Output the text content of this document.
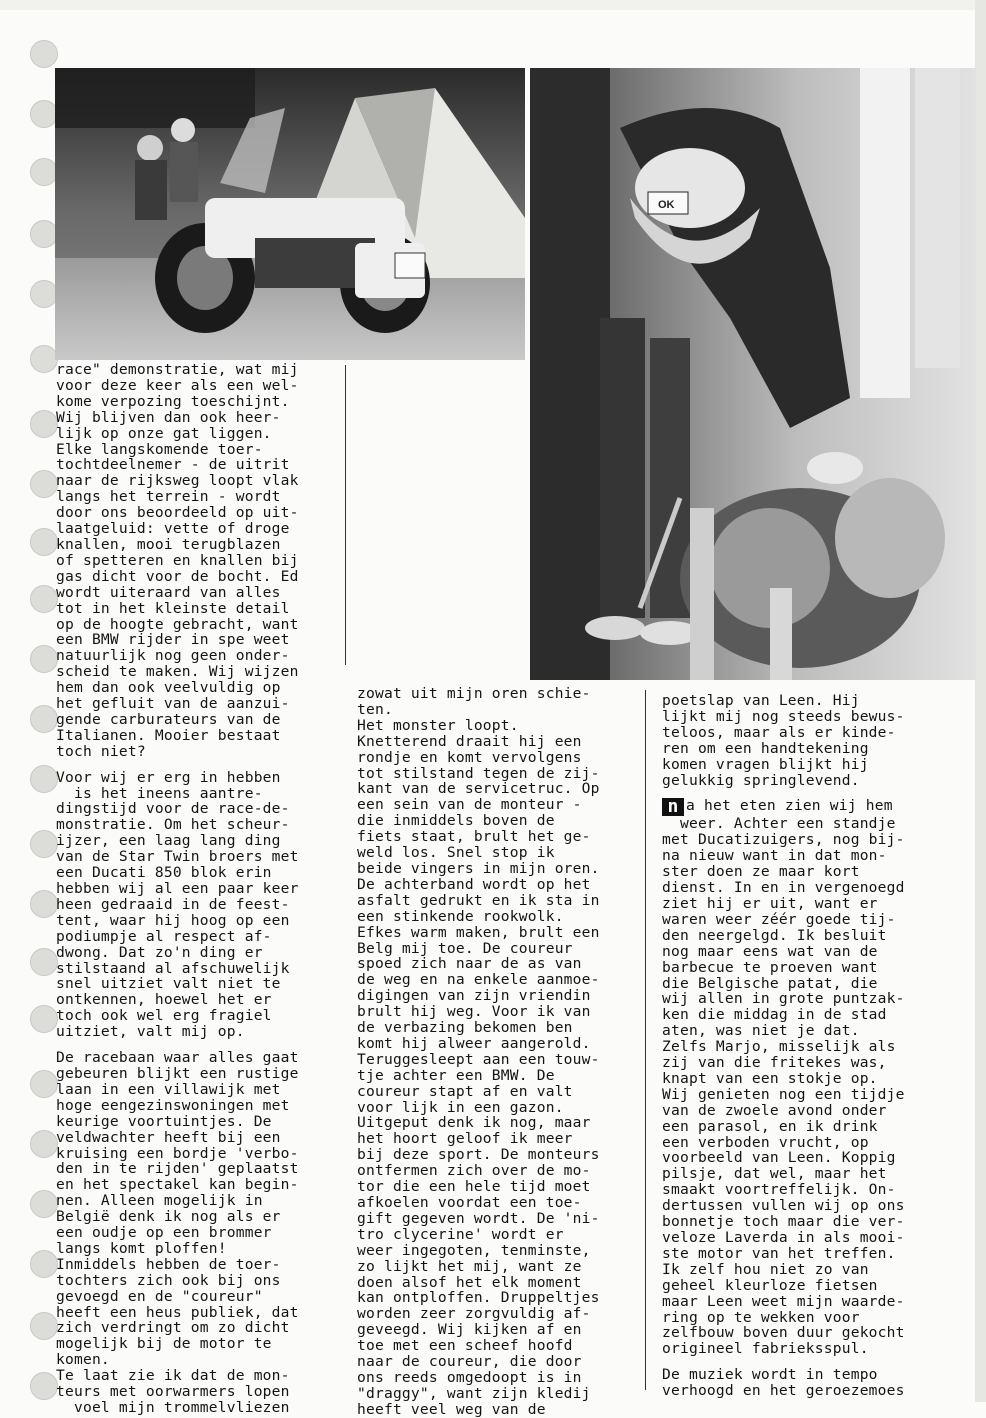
OK
race" demonstratie, wat mij
voor deze keer als een wel-
kome verpozing toeschijnt.
Wij blijven dan ook heer-
lijk op onze gat liggen.
Elke langskomende toer-
tochtdeelnemer - de uitrit
naar de rijksweg loopt vlak
langs het terrein - wordt
door ons beoordeeld op uit-
laatgeluid: vette of droge
knallen, mooi terugblazen
of spetteren en knallen bij
gas dicht voor de bocht. Ed
wordt uiteraard van alles
tot in het kleinste detail
op de hoogte gebracht, want
een BMW rijder in spe weet
natuurlijk nog geen onder-
scheid te maken. Wij wijzen
hem dan ook veelvuldig op
het gefluit van de aanzui-
gende carburateurs van de
Italianen. Mooier bestaat
toch niet?
Voor wij er erg in hebben
is het ineens aantre-
dingstijd voor de race-de-
monstratie. Om het scheur-
ijzer, een laag lang ding
van de Star Twin broers met
een Ducati 850 blok erin
hebben wij al een paar keer
heen gedraaid in de feest-
tent, waar hij hoog op een
podiumpje al respect af-
dwong. Dat zo'n ding er
stilstaand al afschuwelijk
snel uitziet valt niet te
ontkennen, hoewel het er
toch ook wel erg fragiel
uitziet, valt mij op.
De racebaan waar alles gaat
gebeuren blijkt een rustige
laan in een villawijk met
hoge eengezinswoningen met
keurige voortuintjes. De
veldwachter heeft bij een
kruising een bordje 'verbo-
den in te rijden' geplaatst
en het spectakel kan begin-
nen. Alleen mogelijk in
België denk ik nog als er
een oudje op een brommer
langs komt ploffen!
Inmiddels hebben de toer-
tochters zich ook bij ons
gevoegd en de "coureur"
heeft een heus publiek, dat
zich verdringt om zo dicht
mogelijk bij de motor te
komen.
Te laat zie ik dat de mon-
teurs met oorwarmers lopen
voel mijn trommelvliezen
zowat uit mijn oren schie-
ten.
Het monster loopt.
Knetterend draait hij een
rondje en komt vervolgens
tot stilstand tegen de zij-
kant van de servicetruc. Op
een sein van de monteur -
die inmiddels boven de
fiets staat, brult het ge-
weld los. Snel stop ik
beide vingers in mijn oren.
De achterband wordt op het
asfalt gedrukt en ik sta in
een stinkende rookwolk.
Efkes warm maken, brult een
Belg mij toe. De coureur
spoed zich naar de as van
de weg en na enkele aanmoe-
digingen van zijn vriendin
brult hij weg. Voor ik van
de verbazing bekomen ben
komt hij alweer aangerold.
Teruggesleept aan een touw-
tje achter een BMW. De
coureur stapt af en valt
voor lijk in een gazon.
Uitgeput denk ik nog, maar
het hoort geloof ik meer
bij deze sport. De monteurs
ontfermen zich over de mo-
tor die een hele tijd moet
afkoelen voordat een toe-
gift gegeven wordt. De 'ni-
tro clycerine' wordt er
weer ingegoten, tenminste,
zo lijkt het mij, want ze
doen alsof het elk moment
kan ontploffen. Druppeltjes
worden zeer zorgvuldig af-
geveegd. Wij kijken af en
toe met een scheef hoofd
naar de coureur, die door
ons reeds omgedoopt is in
"draggy", want zijn kledij
heeft veel weg van de
poetslap van Leen. Hij
lijkt mij nog steeds bewus-
teloos, maar als er kinde-
ren om een handtekening
komen vragen blijkt hij
gelukkig springlevend.
n a het eten zien wij hem
weer. Achter een standje
met Ducatizuigers, nog bij-
na nieuw want in dat mon-
ster doen ze maar kort
dienst. In en in vergenoegd
ziet hij er uit, want er
waren weer zéér goede tij-
den neergelgd. Ik besluit
nog maar eens wat van de
barbecue te proeven want
die Belgische patat, die
wij allen in grote puntzak-
ken die middag in de stad
aten, was niet je dat.
Zelfs Marjo, misselijk als
zij van die fritekes was,
knapt van een stokje op.
Wij genieten nog een tijdje
van de zwoele avond onder
een parasol, en ik drink
een verboden vrucht, op
voorbeeld van Leen. Koppig
pilsje, dat wel, maar het
smaakt voortreffelijk. On-
dertussen vullen wij op ons
bonnetje toch maar die ver-
veloze Laverda in als mooi-
ste motor van het treffen.
Ik zelf hou niet zo van
geheel kleurloze fietsen
maar Leen weet mijn waarde-
ring op te wekken voor
zelfbouw boven duur gekocht
origineel fabrieksspul.
De muziek wordt in tempo
verhoogd en het geroezemoes
